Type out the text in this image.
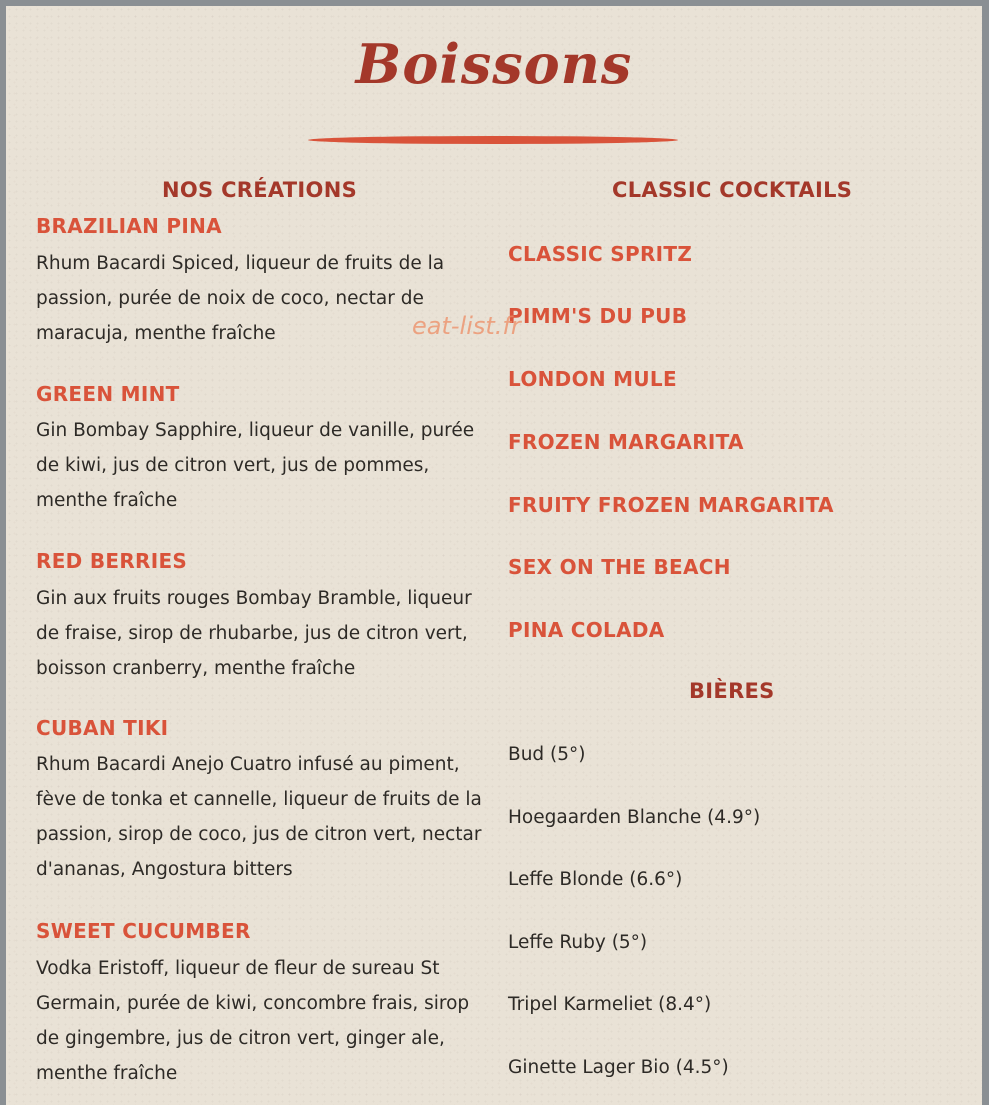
Boissons
NOS CRÉATIONS
BRAZILIAN PINA
Rhum Bacardi Spiced, liqueur de fruits de la passion, purée de noix de coco, nectar de maracuja, menthe fraîche
GREEN MINT
Gin Bombay Sapphire, liqueur de vanille, purée de kiwi, jus de citron vert, jus de pommes, menthe fraîche
RED BERRIES
Gin aux fruits rouges Bombay Bramble, liqueur de fraise, sirop de rhubarbe, jus de citron vert, boisson cranberry, menthe fraîche
CUBAN TIKI
Rhum Bacardi Anejo Cuatro infusé au piment, fève de tonka et cannelle, liqueur de fruits de la passion, sirop de coco, jus de citron vert, nectar d'ananas, Angostura bitters
SWEET CUCUMBER
Vodka Eristoff, liqueur de fleur de sureau St Germain, purée de kiwi, concombre frais, sirop de gingembre, jus de citron vert, ginger ale, menthe fraîche
CLASSIC COCKTAILS
CLASSIC SPRITZ
PIMM'S DU PUB
LONDON MULE
FROZEN MARGARITA
FRUITY FROZEN MARGARITA
SEX ON THE BEACH
PINA COLADA
BIÈRES
Bud (5°)
Hoegaarden Blanche (4.9°)
Leffe Blonde (6.6°)
Leffe Ruby (5°)
Tripel Karmeliet (8.4°)
Ginette Lager Bio (4.5°)
eat-list.fr
